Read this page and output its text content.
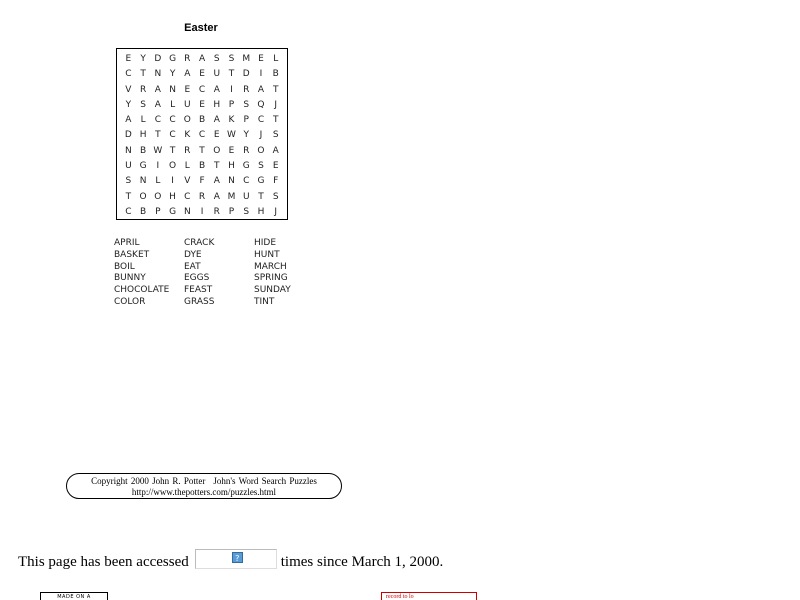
Easter
E	Y D G R A S	S M E	L
C T N Y A E U T D	I	B
V R A N E C A	I	R A T
Y	S A	L U E H P	S Q	J
A	L	C C O B A K	P C T
D H T C K C E W Y	J	S
N B W T R T O E R O A
U G	I	O L	B T H G S	E
S N L	I	V	F	A N C G F
T O O H C R A M U T	S
C B P G N	I	R P	S H	J
APRIL
BASKET
BOIL
BUNNY
CHOCOLATE
COLOR
CRACK
DYE
EAT
EGGS
FEAST
GRASS
HIDE
HUNT
MARCH
SPRING
SUNDAY
TINT
Copyright 2000 John R. Potter John's Word Search Puzzles
http://www.thepotters.com/puzzles.html
This page has been accessed	?	times since March 1, 2000.
MADE ON A	record to lo
